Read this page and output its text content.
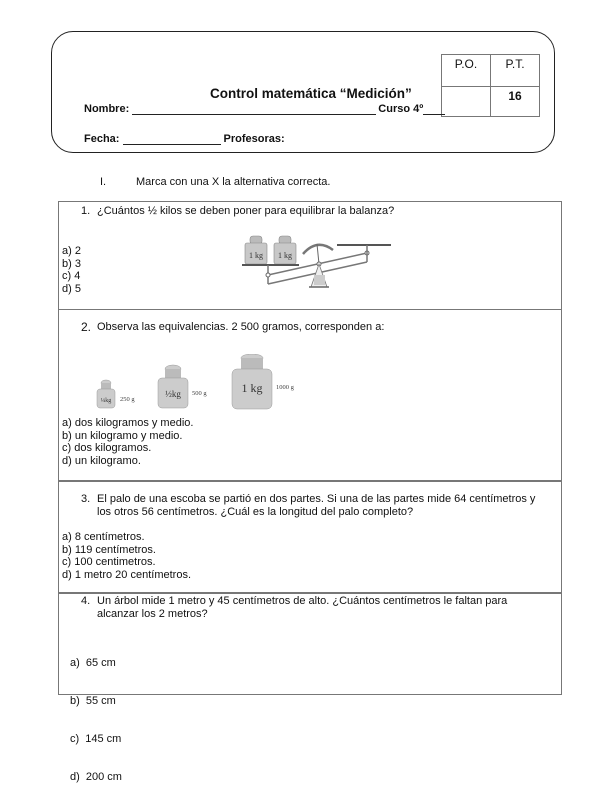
P.O.	P.T.
	16
Control matemática “Medición”
Nombre :	Curso 4º
Fecha :	Profesoras :
I.	Marca con una X la alternativa correcta.
1. ¿Cuántos ½ kilos se deben poner para equilibrar la balanza?
a) 2
b) 3
c) 4
d) 5
1 kg 1 kg
2. Observa las equivalencias. 2 500 gramos, corresponden a:
¼kg 250 g
½kg 500 g	1 kg 1000 g
a) dos kilogramos y medio.
b) un kilogramo y medio.
c) dos kilogramos.
d) un kilogramo.
3. El palo de una escoba se partió en dos partes. Si una de las partes mide 64 centímetros y los otros 56 centímetros. ¿Cuál es la longitud del palo completo?
a) 8 centímetros.
b) 119 centímetros.
c) 100 centimetros.
d) 1 metro 20 centímetros.
4. Un árbol mide 1 metro y 45 centímetros de alto. ¿Cuántos centímetros le faltan para alcanzar los 2 metros?

a)  65 cm

b)  55 cm

c)  145 cm

d)  200 cm
